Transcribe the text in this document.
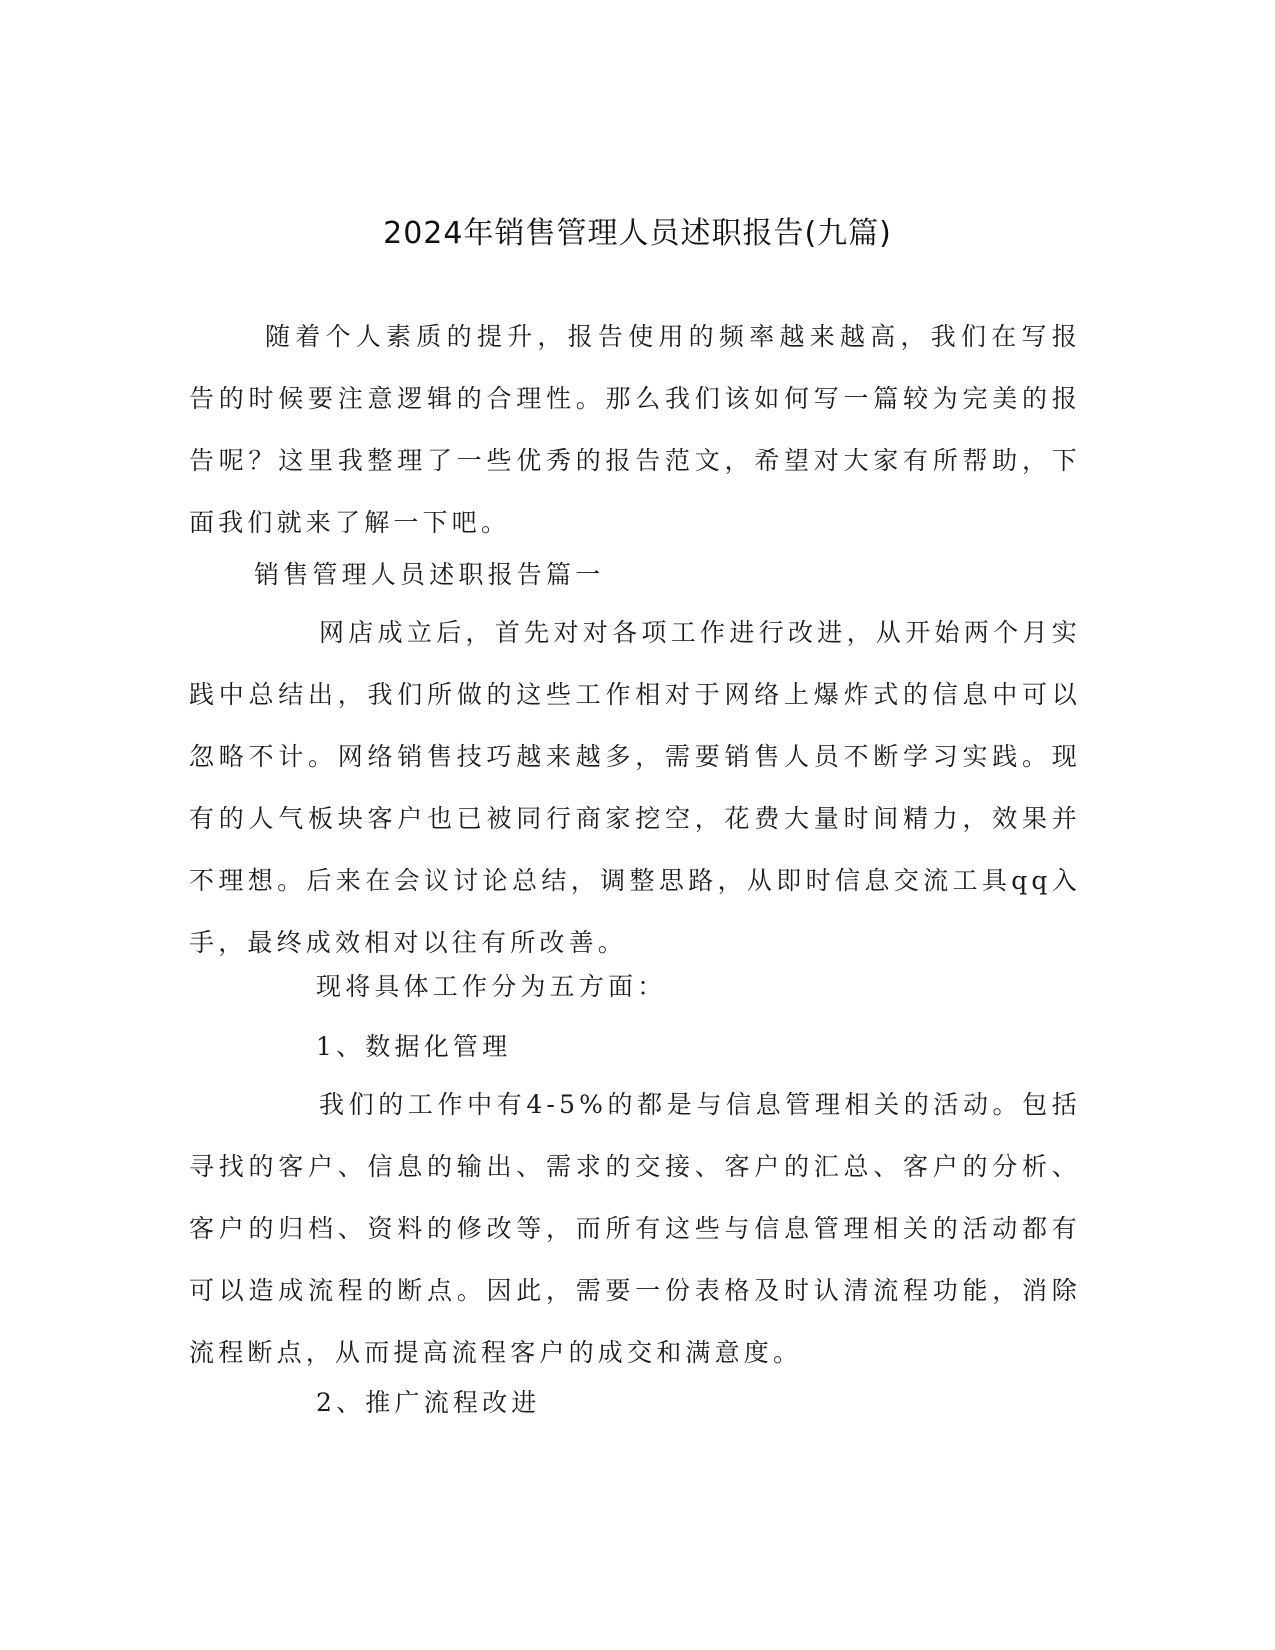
2024年销售管理人员述职报告(九篇)

随着个人素质的提升，报告使用的频率越来越高，我们在写报告的时候要注意逻辑的合理性。那么我们该如何写一篇较为完美的报告呢？这里我整理了一些优秀的报告范文，希望对大家有所帮助，下面我们就来了解一下吧。

销售管理人员述职报告篇一

网店成立后，首先对对各项工作进行改进，从开始两个月实践中总结出，我们所做的这些工作相对于网络上爆炸式的信息中可以忽略不计。网络销售技巧越来越多，需要销售人员不断学习实践。现有的人气板块客户也已被同行商家挖空，花费大量时间精力，效果并不理想。后来在会议讨论总结，调整思路，从即时信息交流工具qq入手，最终成效相对以往有所改善。

现将具体工作分为五方面：

1、数据化管理

我们的工作中有4-5%的都是与信息管理相关的活动。包括寻找的客户、信息的输出、需求的交接、客户的汇总、客户的分析、客户的归档、资料的修改等，而所有这些与信息管理相关的活动都有可以造成流程的断点。因此，需要一份表格及时认清流程功能，消除流程断点，从而提高流程客户的成交和满意度。

2、推广流程改进
